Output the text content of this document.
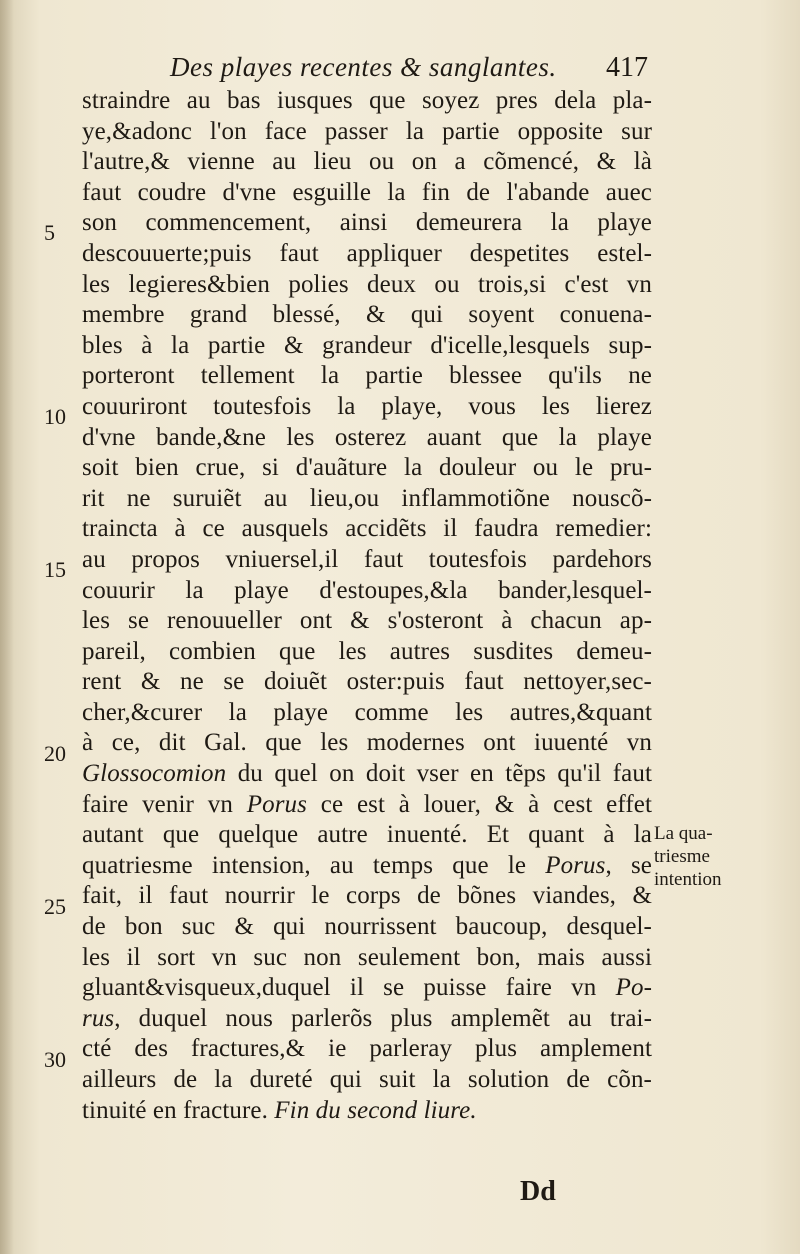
Des playes recentes & sanglantes.	417
straindre au bas iusques que soyez pres dela pla-
ye,&adonc l'on face passer la partie opposite sur
l'autre,& vienne au lieu ou on a cõmencé, & là
faut coudre d'vne esguille la fin de l'abande auec
son commencement, ainsi demeurera la playe
descouuerte;puis faut appliquer despetites estel-
les legieres&bien polies deux ou trois,si c'est vn
membre grand blessé, & qui soyent conuena-
bles à la partie & grandeur d'icelle,lesquels sup-
porteront tellement la partie blessee qu'ils ne
couuriront toutesfois la playe, vous les lierez
d'vne bande,&ne les osterez auant que la playe
soit bien crue, si d'auãture la douleur ou le pru-
rit ne suruiẽt au lieu,ou inflammotiõne nouscõ-
traincta à ce ausquels accidẽts il faudra remedier:
au propos vniuersel,il faut toutesfois pardehors
couurir la playe d'estoupes,&la bander,lesquel-
les se renouueller ont & s'osteront à chacun ap-
pareil, combien que les autres susdites demeu-
rent & ne se doiuẽt oster:puis faut nettoyer,sec-
cher,&curer la playe comme les autres,&quant
à ce, dit Gal. que les modernes ont iuuenté vn
Glossocomion du quel on doit vser en tẽps qu'il faut
faire venir vn Porus ce est à louer, & à cest effet
autant que quelque autre inuenté. Et quant à la
quatriesme intension, au temps que le Porus, se
fait, il faut nourrir le corps de bõnes viandes, &
de bon suc & qui nourrissent baucoup, desquel-
les il sort vn suc non seulement bon, mais aussi
gluant&visqueux,duquel il se puisse faire vn Po-
rus, duquel nous parlerõs plus amplemẽt au trai-
cté des fractures,& ie parleray plus amplement
ailleurs de la dureté qui suit la solution de cõn-
tinuité en fracture. Fin du second liure.
5
10
15
20
25
30
La qua-
triesme
intention
Dd
